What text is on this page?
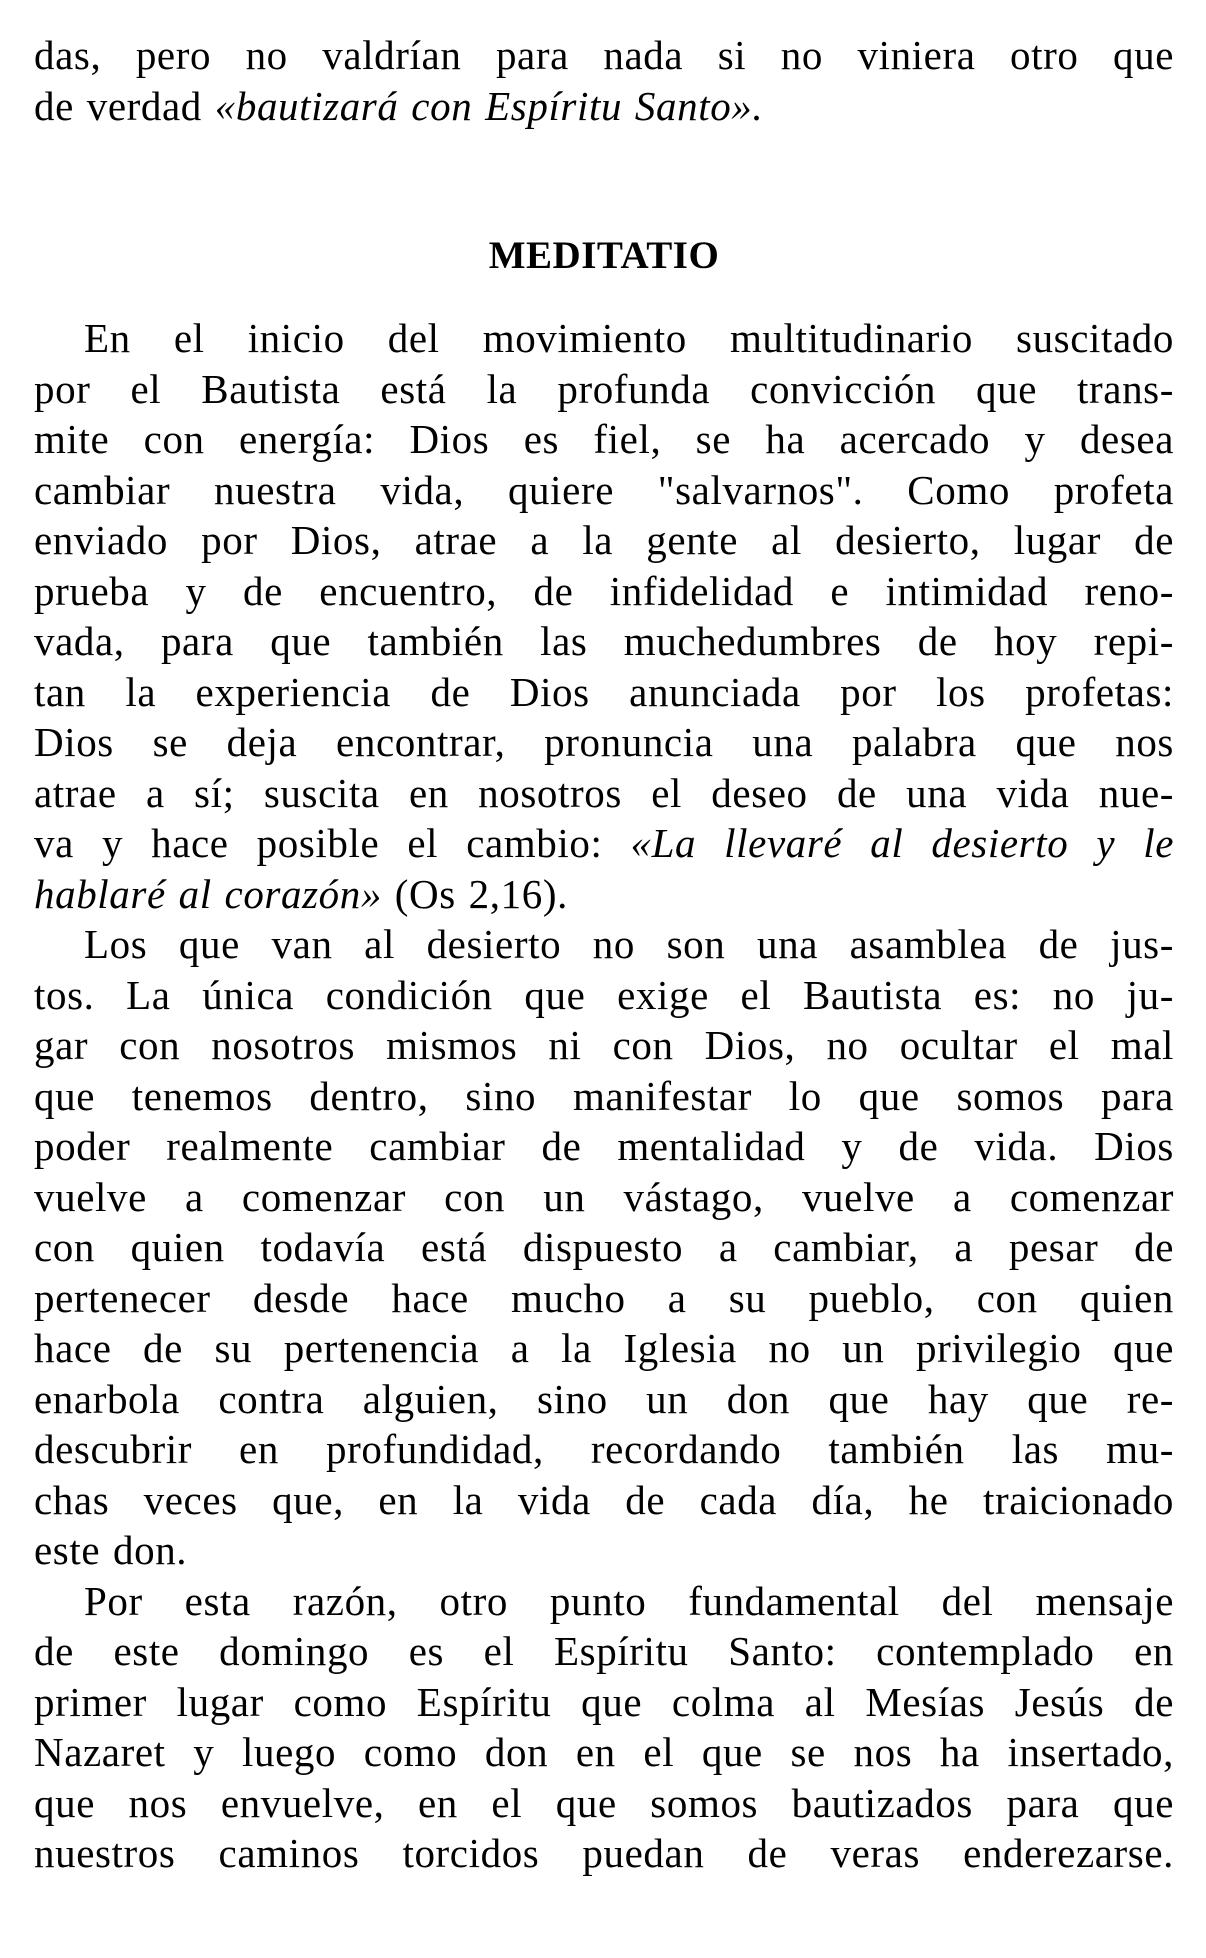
das, pero no valdrían para nada si no viniera otro que
de verdad «bautizará con Espíritu Santo».
MEDITATIO
En el inicio del movimiento multitudinario suscitado
por el Bautista está la profunda convicción que trans-
mite con energía: Dios es fiel, se ha acercado y desea
cambiar nuestra vida, quiere "salvarnos". Como profeta
enviado por Dios, atrae a la gente al desierto, lugar de
prueba y de encuentro, de infidelidad e intimidad reno-
vada, para que también las muchedumbres de hoy repi-
tan la experiencia de Dios anunciada por los profetas:
Dios se deja encontrar, pronuncia una palabra que nos
atrae a sí; suscita en nosotros el deseo de una vida nue-
va y hace posible el cambio: «La llevaré al desierto y le
hablaré al corazón» (Os 2,16).
Los que van al desierto no son una asamblea de jus-
tos. La única condición que exige el Bautista es: no ju-
gar con nosotros mismos ni con Dios, no ocultar el mal
que tenemos dentro, sino manifestar lo que somos para
poder realmente cambiar de mentalidad y de vida. Dios
vuelve a comenzar con un vástago, vuelve a comenzar
con quien todavía está dispuesto a cambiar, a pesar de
pertenecer desde hace mucho a su pueblo, con quien
hace de su pertenencia a la Iglesia no un privilegio que
enarbola contra alguien, sino un don que hay que re-
descubrir en profundidad, recordando también las mu-
chas veces que, en la vida de cada día, he traicionado
este don.
Por esta razón, otro punto fundamental del mensaje
de este domingo es el Espíritu Santo: contemplado en
primer lugar como Espíritu que colma al Mesías Jesús de
Nazaret y luego como don en el que se nos ha insertado,
que nos envuelve, en el que somos bautizados para que
nuestros caminos torcidos puedan de veras enderezarse.
